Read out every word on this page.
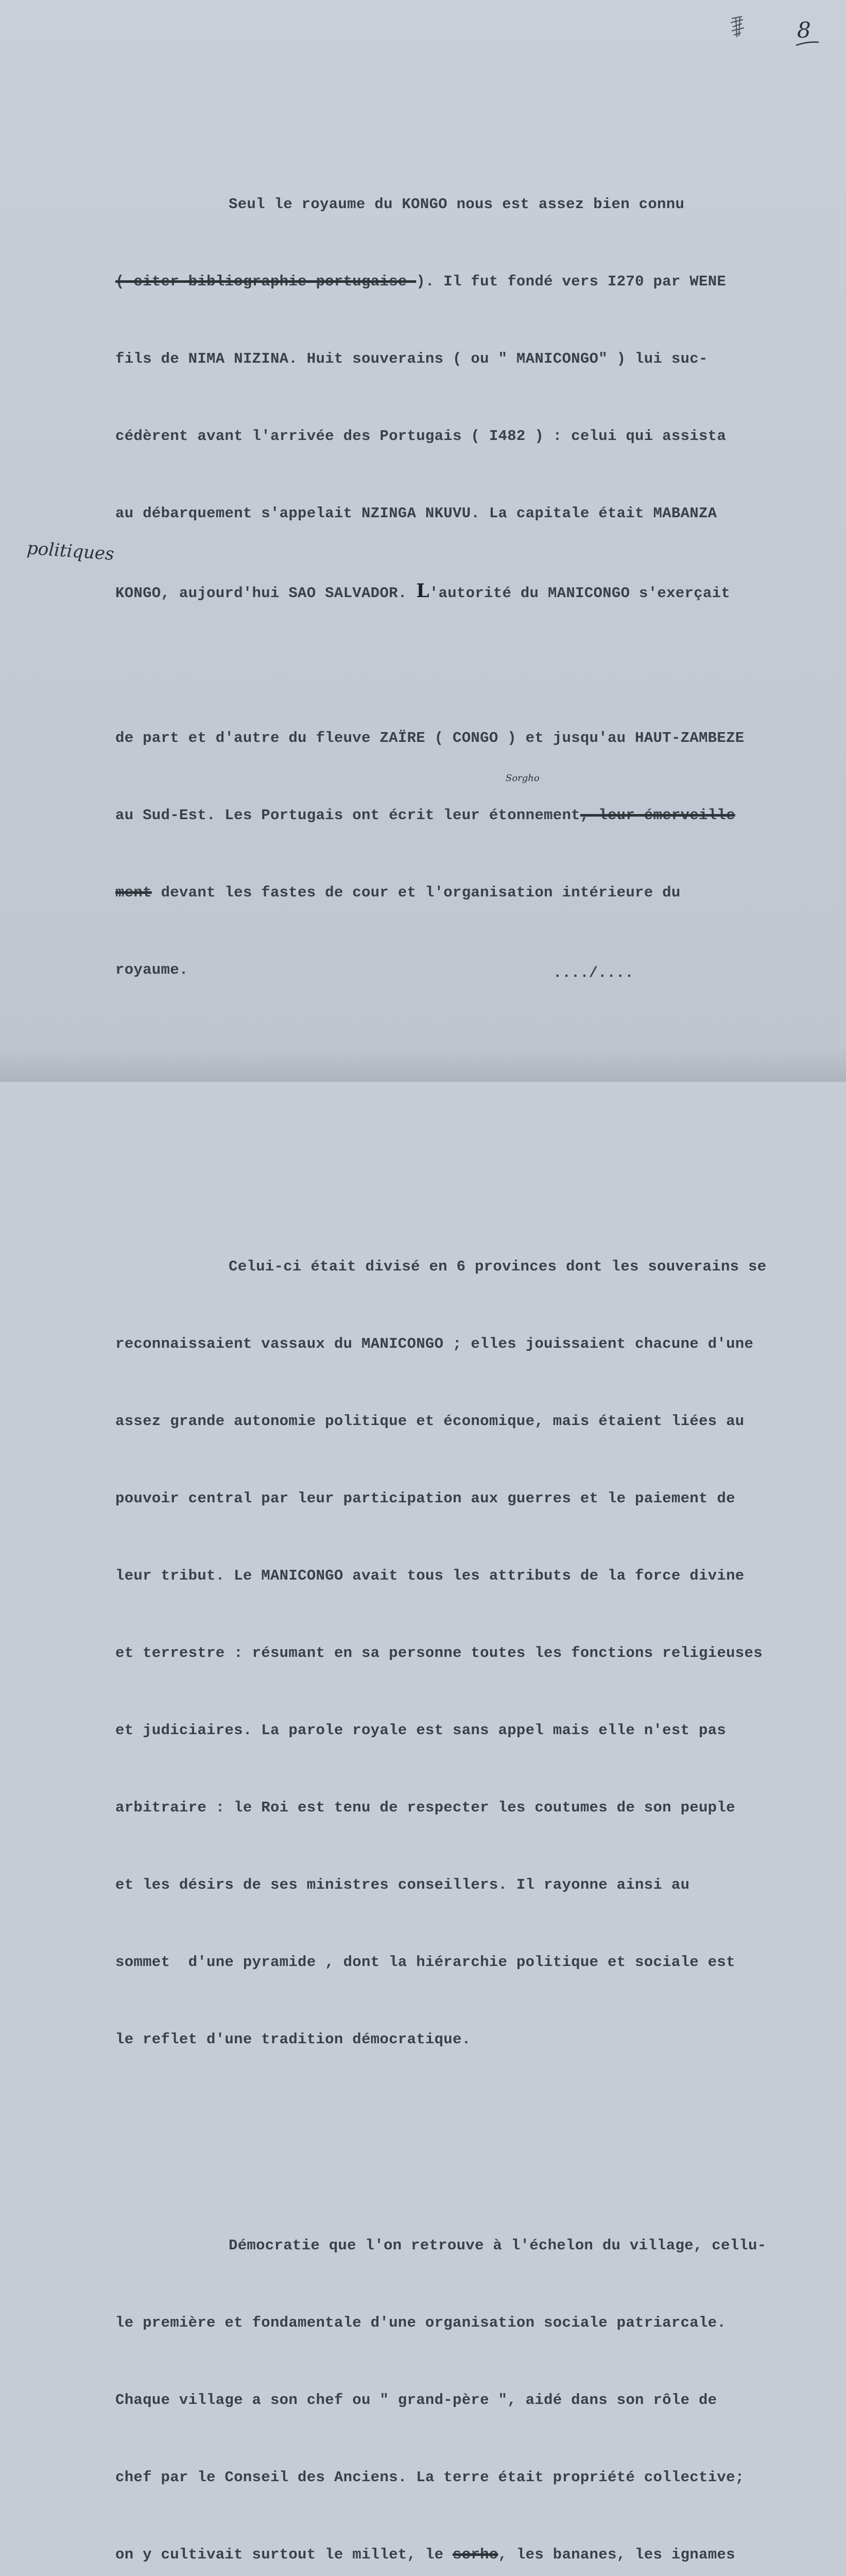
8

Seul le royaume du KONGO nous est assez bien connu

( citer bibliographie portugaise ). Il fut fondé vers I270 par WENE

fils de NIMA NIZINA. Huit souverains ( ou " MANICONGO" ) lui suc-

cédèrent avant l'arrivée des Portugais ( I482 ) : celui qui assista

au débarquement s'appelait NZINGA NKUVU. La capitale était MABANZA

KONGO, aujourd'hui SAO SALVADOR. L'autorité du MANICONGO s'exerçait

de part et d'autre du fleuve ZAÏRE ( CONGO ) et jusqu'au HAUT-ZAMBEZE

au Sud-Est. Les Portugais ont écrit leur étonnement, leur émerveille

ment devant les fastes de cour et l'organisation intérieure du

royaume.

Celui-ci était divisé en 6 provinces dont les souverains se

reconnaissaient vassaux du MANICONGO ; elles jouissaient chacune d'une

assez grande autonomie politique et économique, mais étaient liées au

pouvoir central par leur participation aux guerres et le paiement de

leur tribut. Le MANICONGO avait tous les attributs de la force divine

et terrestre : résumant en sa personne toutes les fonctions religieuses

et judiciaires. La parole royale est sans appel mais elle n'est pas

arbitraire : le Roi est tenu de respecter les coutumes de son peuple

et les désirs de ses ministres conseillers. Il rayonne ainsi au

sommet  d'une pyramide , dont la hiérarchie politique et sociale est

le reflet d'une tradition démocratique.

Démocratie que l'on retrouve à l'échelon du village, cellu-

le première et fondamentale d'une organisation sociale patriarcale.

Chaque village a son chef ou " grand-père ", aidé dans son rôle de

chef par le Conseil des Anciens. La terre était propriété collective;

on y cultivait surtout le millet, le sorho, les bananes, les ignames

politiques
Sorgho
..../....
